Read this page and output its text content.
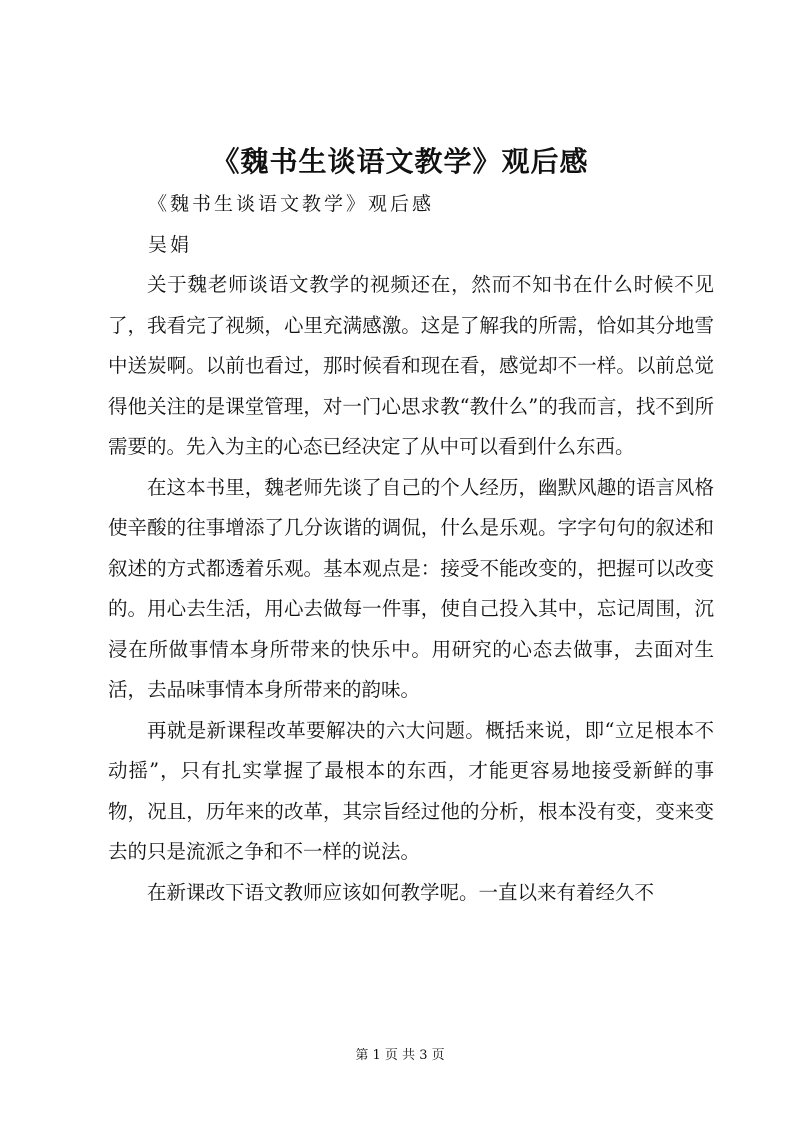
《魏书生谈语文教学》观后感
《魏书生谈语文教学》观后感
吴娟

关于魏老师谈语文教学的视频还在，然而不知书在什么时候不见了，我看完了视频，心里充满感激。这是了解我的所需，恰如其分地雪中送炭啊。以前也看过，那时候看和现在看，感觉却不一样。以前总觉得他关注的是课堂管理，对一门心思求教“教什么”的我而言，找不到所需要的。先入为主的心态已经决定了从中可以看到什么东西。

在这本书里，魏老师先谈了自己的个人经历，幽默风趣的语言风格使辛酸的往事增添了几分诙谐的调侃，什么是乐观。字字句句的叙述和叙述的方式都透着乐观。基本观点是：接受不能改变的，把握可以改变的。用心去生活，用心去做每一件事，使自己投入其中，忘记周围，沉浸在所做事情本身所带来的快乐中。用研究的心态去做事，去面对生活，去品味事情本身所带来的韵味。

再就是新课程改革要解决的六大问题。概括来说，即“立足根本不动摇”，只有扎实掌握了最根本的东西，才能更容易地接受新鲜的事物，况且，历年来的改革，其宗旨经过他的分析，根本没有变，变来变去的只是流派之争和不一样的说法。

在新课改下语文教师应该如何教学呢。一直以来有着经久不

第 1 页 共 3 页
